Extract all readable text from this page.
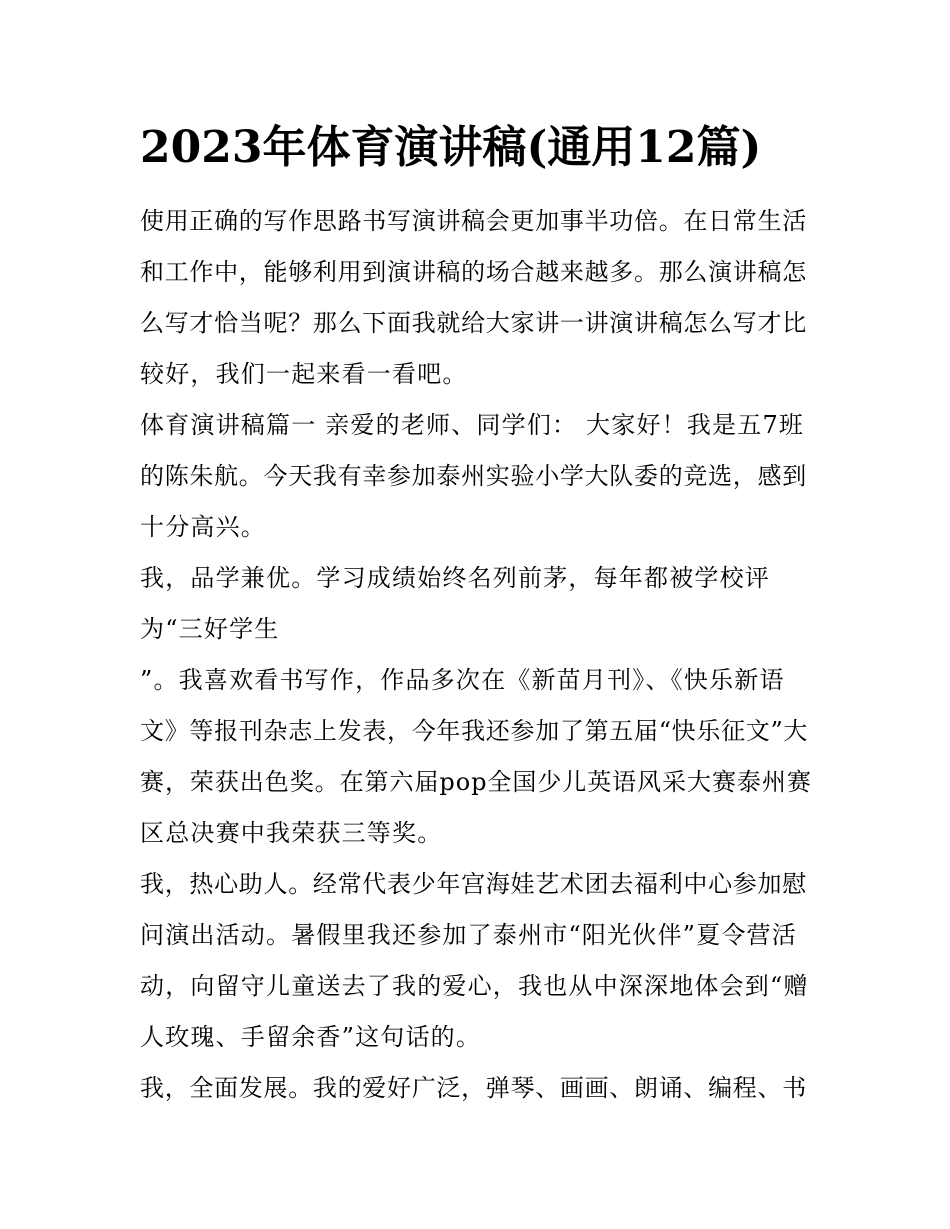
2023年体育演讲稿(通用12篇)

使用正确的写作思路书写演讲稿会更加事半功倍。在日常生活

和工作中，能够利用到演讲稿的场合越来越多。那么演讲稿怎

么写才恰当呢？那么下面我就给大家讲一讲演讲稿怎么写才比

较好，我们一起来看一看吧。

体育演讲稿篇一 亲爱的老师、同学们： 大家好！我是五7班

的陈朱航。今天我有幸参加泰州实验小学大队委的竞选，感到

十分高兴。

我，品学兼优。学习成绩始终名列前茅，每年都被学校评

为“三好学生

”。我喜欢看书写作，作品多次在《新苗月刊》、《快乐新语

文》等报刊杂志上发表，今年我还参加了第五届“快乐征文”大

赛，荣获出色奖。在第六届pop全国少儿英语风采大赛泰州赛

区总决赛中我荣获三等奖。

我，热心助人。经常代表少年宫海娃艺术团去福利中心参加慰

问演出活动。暑假里我还参加了泰州市“阳光伙伴”夏令营活

动，向留守儿童送去了我的爱心，我也从中深深地体会到“赠

人玫瑰、手留余香”这句话的。

我，全面发展。我的爱好广泛，弹琴、画画、朗诵、编程、书
